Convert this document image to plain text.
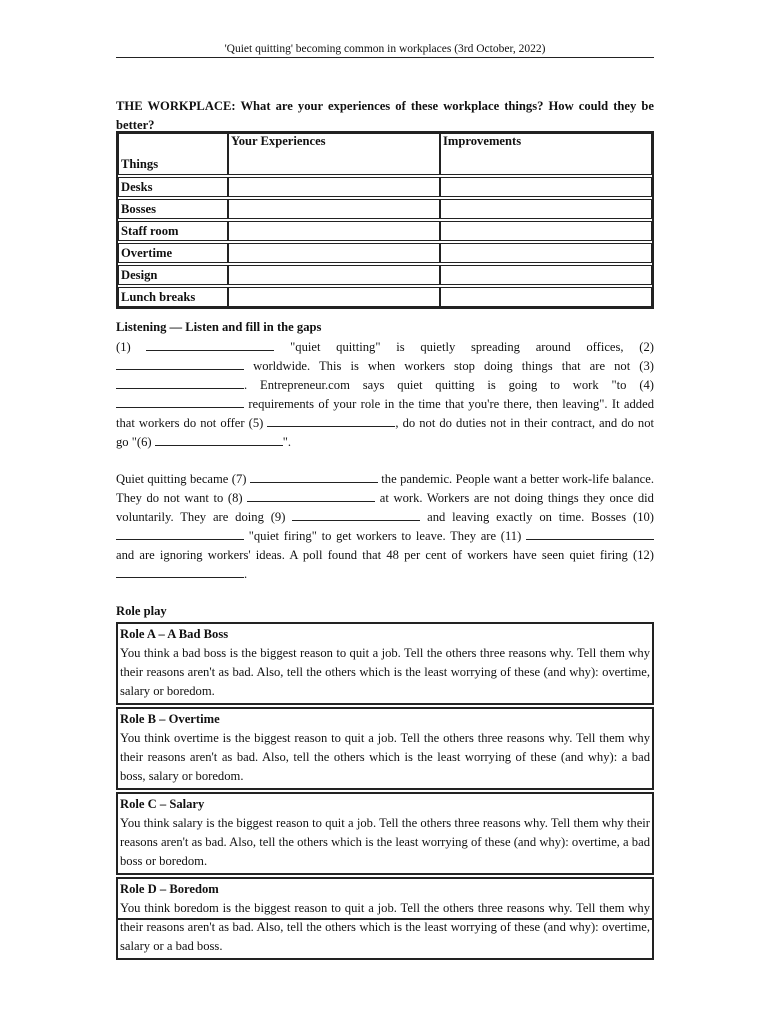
'Quiet quitting' becoming common in workplaces (3rd October, 2022)
THE WORKPLACE: What are your experiences of these workplace things? How could they be better?
Things	Your Experiences	Improvements

Desks		

Bosses		

Staff room		

Overtime		

Design		

Lunch breaks		
Listening — Listen and fill in the gaps

(1)	"quiet quitting" is quietly spreading around offices, (2)  worldwide. This is when workers stop doing things that are not (3) . Entrepreneur.com says quiet quitting is going to work "to (4)  requirements of your role in the time that you're there, then leaving". It added that workers do not offer (5)	, do not do duties not in their contract, and do not go "(6)	".

Quiet quitting became (7)	the pandemic. People want a better work-life balance. They do not want to (8)	at work. Workers are not doing things they once did voluntarily. They are doing (9)	and leaving exactly on time. Bosses (10)  "quiet firing" to get workers to leave. They are (11)  and are ignoring workers' ideas. A poll found that 48 per cent of workers have seen quiet firing (12) .

Role play
Role A – A Bad Boss
You think a bad boss is the biggest reason to quit a job. Tell the others three reasons why. Tell them why their reasons aren't as bad. Also, tell the others which is the least worrying of these (and why): overtime, salary or boredom.
Role B – Overtime
You think overtime is the biggest reason to quit a job. Tell the others three reasons why. Tell them why their reasons aren't as bad. Also, tell the others which is the least worrying of these (and why): a bad boss, salary or boredom.
Role C – Salary
You think salary is the biggest reason to quit a job. Tell the others three reasons why. Tell them why their reasons aren't as bad. Also, tell the others which is the least worrying of these (and why): overtime, a bad boss or boredom.
Role D – Boredom
You think boredom is the biggest reason to quit a job. Tell the others three reasons why. Tell them why their reasons aren't as bad. Also, tell the others which is the least worrying of these (and why): overtime, salary or a bad boss.
